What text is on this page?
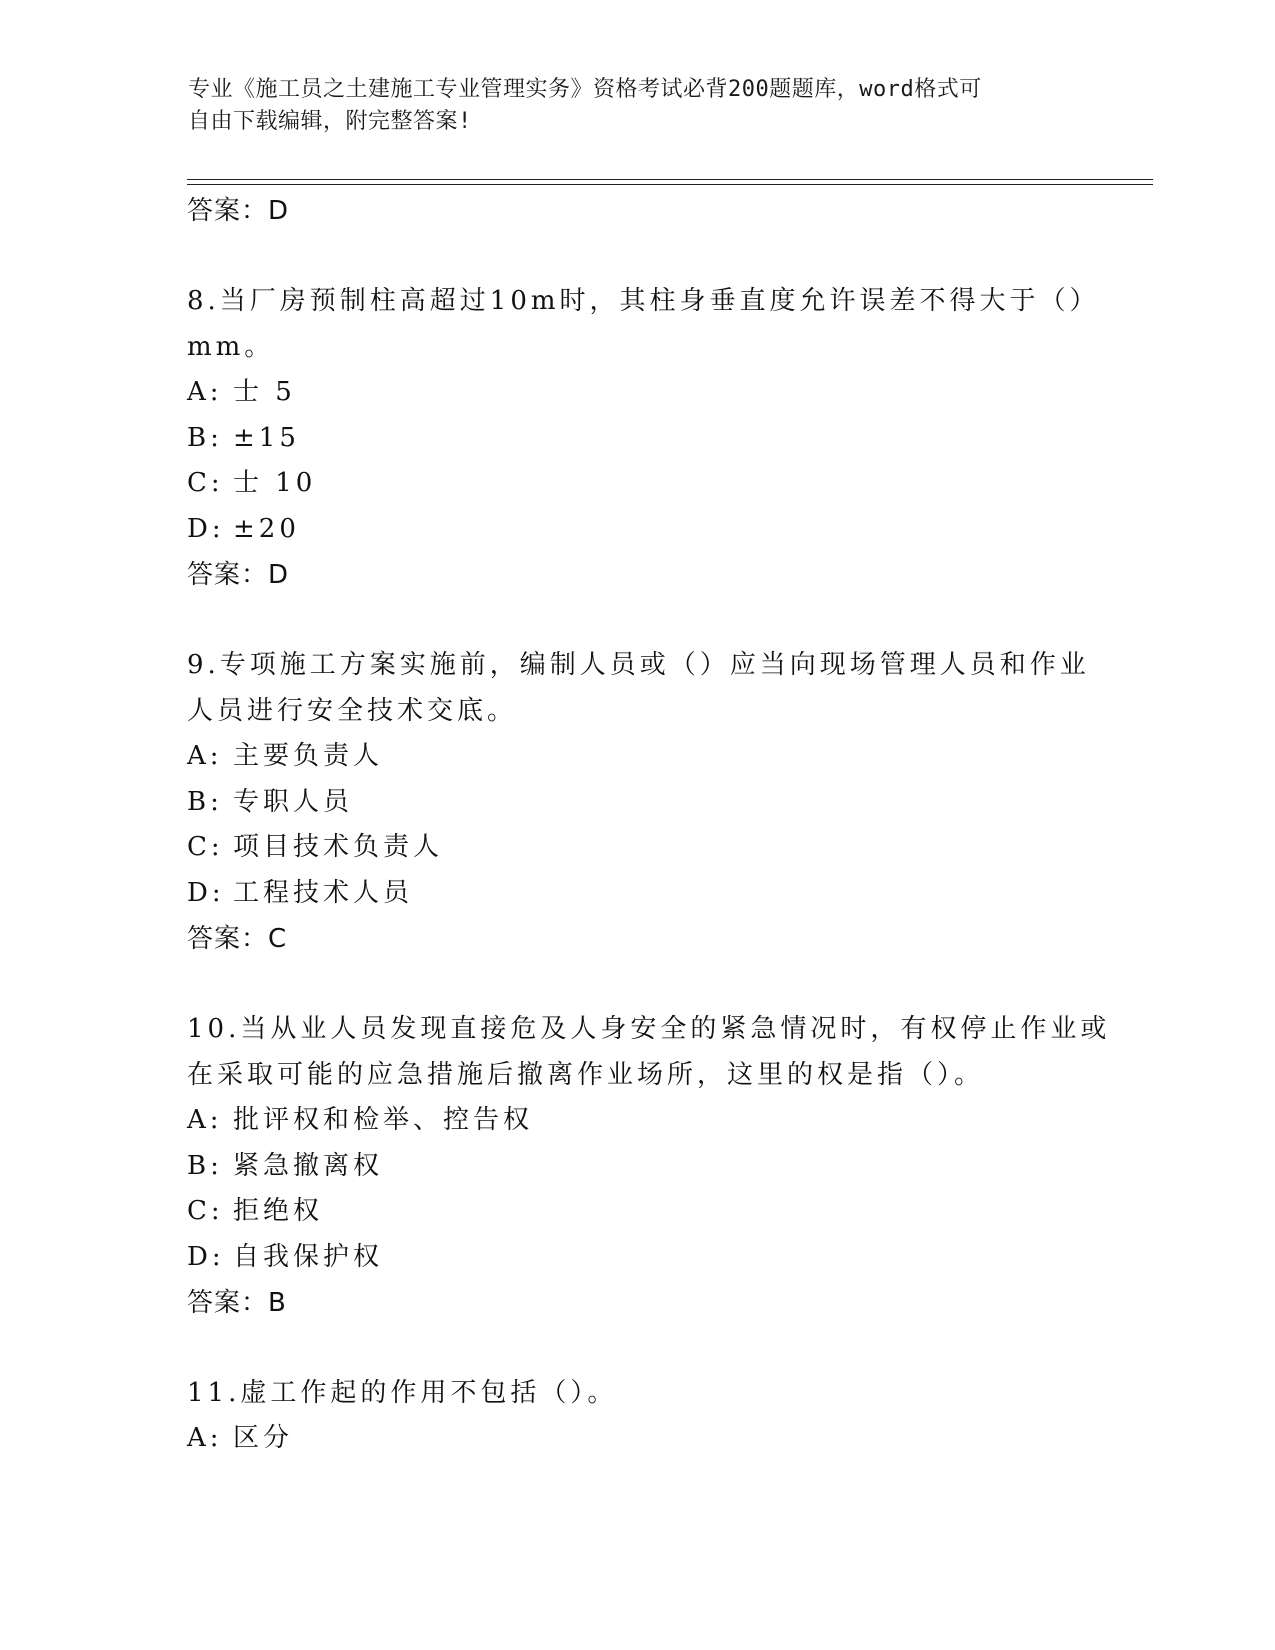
专业《施工员之土建施工专业管理实务》资格考试必背200题题库，word格式可
自由下载编辑，附完整答案!
答案：D
8.当厂房预制柱高超过10m时，其柱身垂直度允许误差不得大于（）
mm。
A: 士 5
B: ±15
C: 士 10
D: ±20
答案：D
9.专项施工方案实施前，编制人员或（）应当向现场管理人员和作业
人员进行安全技术交底。
A: 主要负责人
B: 专职人员
C: 项目技术负责人
D: 工程技术人员
答案：C
10.当从业人员发现直接危及人身安全的紧急情况时，有权停止作业或
在采取可能的应急措施后撤离作业场所，这里的权是指（）。
A: 批评权和检举、控告权
B: 紧急撤离权
C: 拒绝权
D: 自我保护权
答案：B
11.虚工作起的作用不包括（）。
A: 区分
